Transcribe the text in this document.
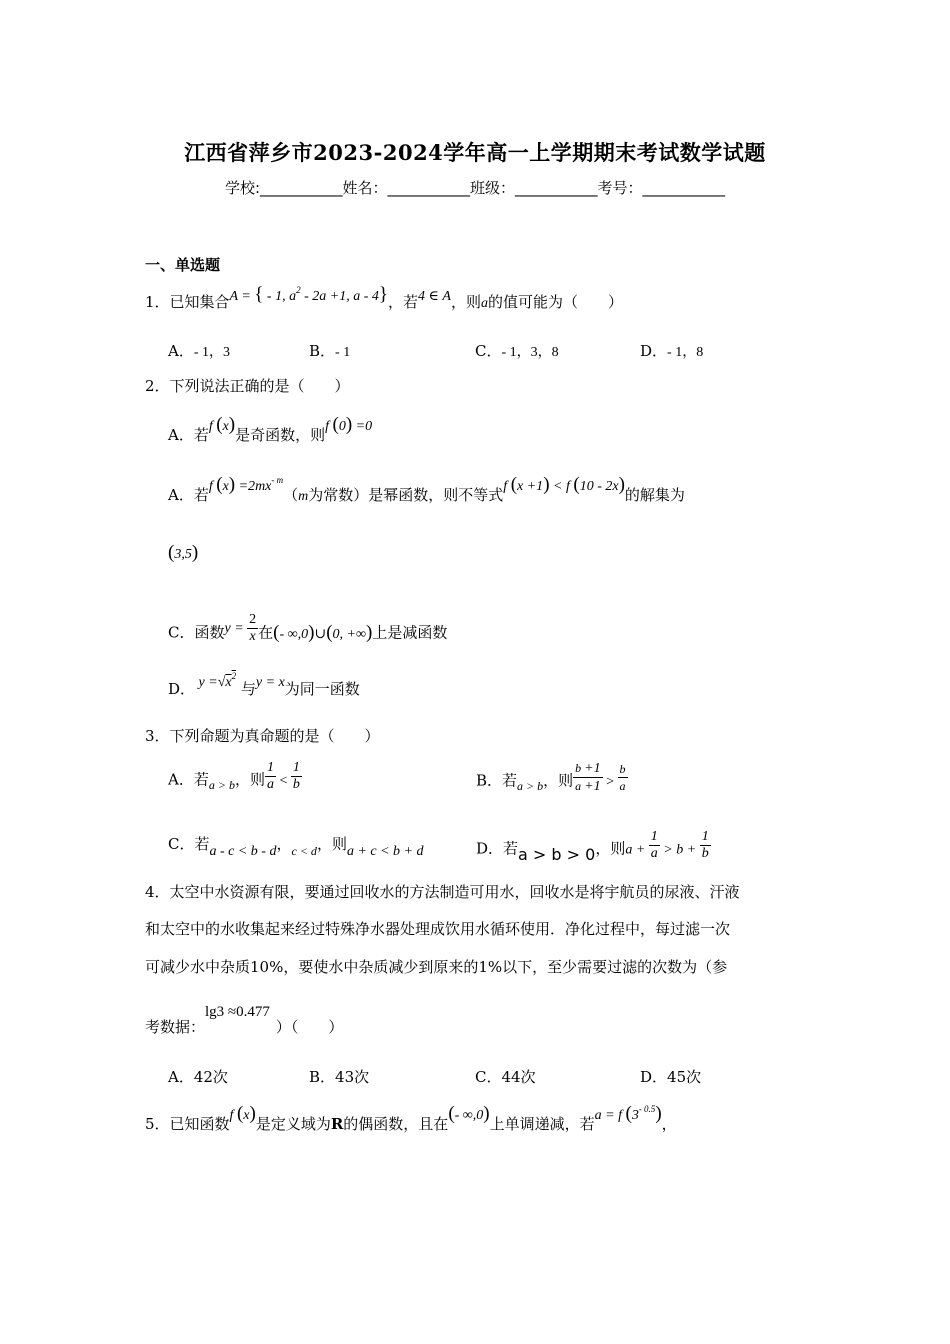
江西省萍乡市2023-2024学年高一上学期期末考试数学试题
学校:___________姓名：___________班级：___________考号：___________
一、单选题
1．已知集合A = { - 1, $a^2 - 2a +1$, a - 4}，若4 ∈ A，则a的值可能为（　　）
A．- 1，3	B．- 1	C．- 1，3，8	D．- 1，8
2．下列说法正确的是（　　）
A．若f (x)是奇函数，则f (0) =0
A．若f $(x) =2mx^{- m}(m$为常数）是幂函数，则不等式f (x +1) < f (10 - 2x)的解集为
(3,5)
C．函数$y = \frac{2}{x}$ 在(- ∞,0)∪(0, +∞)上是减函数
D． $y =√x^2$ 与y = x为同一函数
3．下列命题为真命题的是（　　）
A．若$_{a > b}$，则 $\frac{1}{a} < \frac{1}{b}$	B．若$_{a > b}$，则 $\frac{b +1}{a +1} > \frac{b}{a}$
C．若a - c < b - d，$_{c < d}$，则a + c < b + d	D．若a > b > 0，则$a + \frac{1}{a} > b + \frac{1}{b}$
4．太空中水资源有限，要通过回收水的方法制造可用水，回收水是将宇航员的尿液、汗液
和太空中的水收集起来经过特殊净水器处理成饮用水循环使用．净化过程中，每过滤一次
可减少水中杂质10%，要使水中杂质减少到原来的1%以下，至少需要过滤的次数为（参
考数据：lg3 ≈0.477）（　　）
A．42次	B．43次	C．44次	D．45次
5．已知函数f (x)是定义域为R的偶函数，且在(- ∞,0)上单调递减，若a = f $(3^{- 0.5})$，
